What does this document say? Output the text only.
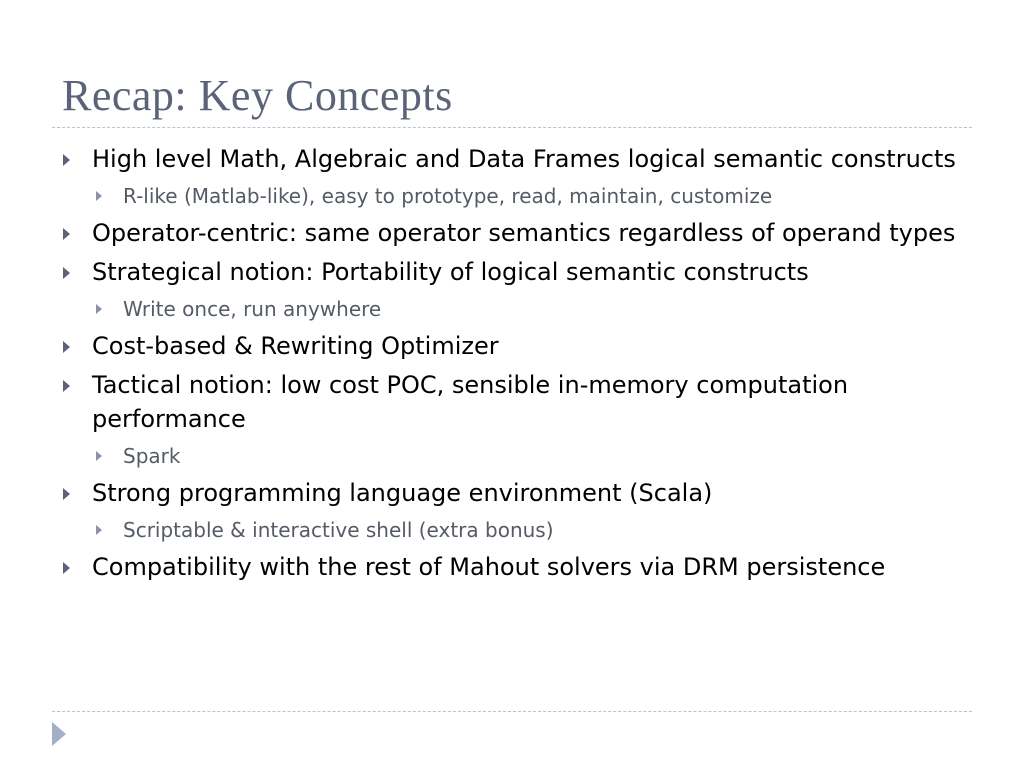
Recap: Key Concepts
High level Math, Algebraic and Data Frames logical semantic constructs
R-like (Matlab-like), easy to prototype, read, maintain, customize
Operator-centric: same operator semantics regardless of operand types
Strategical notion: Portability of logical semantic constructs
Write once, run anywhere
Cost-based & Rewriting Optimizer
Tactical notion: low cost POC, sensible in-memory computation performance
Spark
Strong programming language environment (Scala)
Scriptable & interactive shell (extra bonus)
Compatibility with the rest of Mahout solvers via DRM persistence
